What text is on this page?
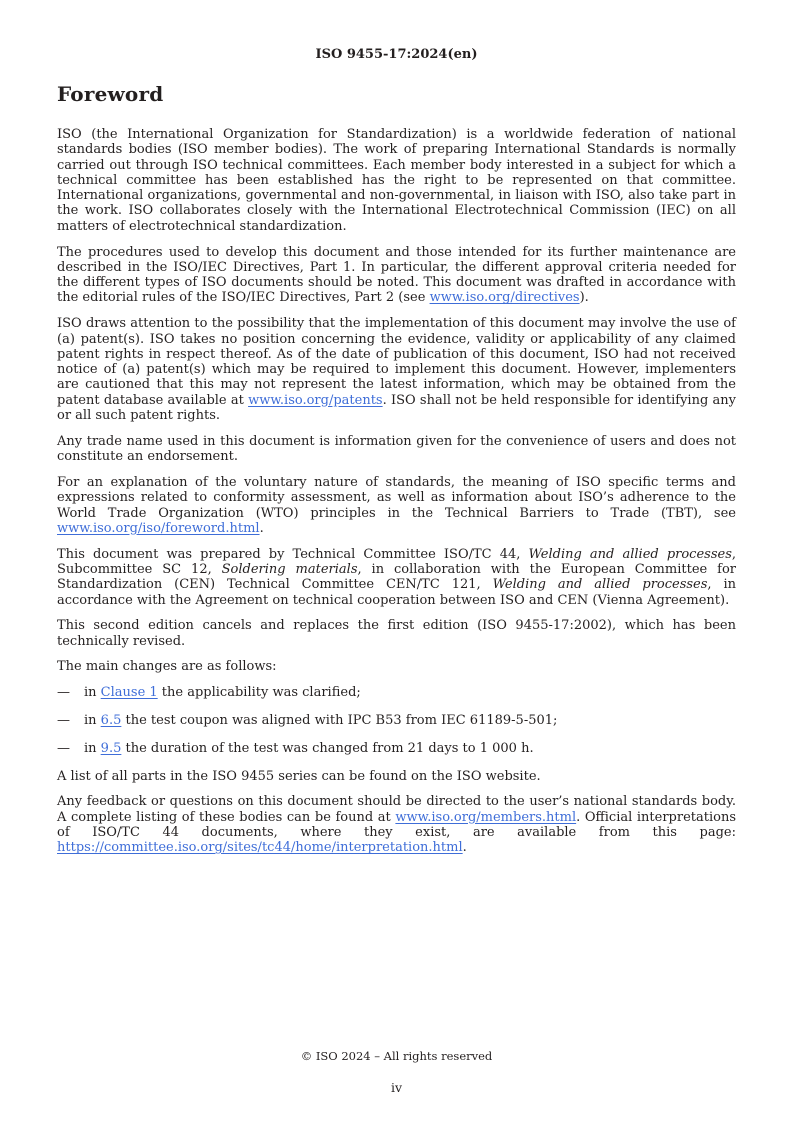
ISO 9455-17:2024(en)
Foreword

ISO (the International Organization for Standardization) is a worldwide federation of national standards bodies (ISO member bodies). The work of preparing International Standards is normally carried out through ISO technical committees. Each member body interested in a subject for which a technical committee has been established has the right to be represented on that committee. International organizations, governmental and non-governmental, in liaison with ISO, also take part in the work. ISO collaborates closely with the International Electrotechnical Commission (IEC) on all matters of electrotechnical standardization.

The procedures used to develop this document and those intended for its further maintenance are described in the ISO/IEC Directives, Part 1. In particular, the different approval criteria needed for the different types of ISO documents should be noted. This document was drafted in accordance with the editorial rules of the ISO/IEC Directives, Part 2 (see www.iso.org/directives).

ISO draws attention to the possibility that the implementation of this document may involve the use of (a) patent(s). ISO takes no position concerning the evidence, validity or applicability of any claimed patent rights in respect thereof. As of the date of publication of this document, ISO had not received notice of (a) patent(s) which may be required to implement this document. However, implementers are cautioned that this may not represent the latest information, which may be obtained from the patent database available at www.iso.org/patents. ISO shall not be held responsible for identifying any or all such patent rights.

Any trade name used in this document is information given for the convenience of users and does not constitute an endorsement.

For an explanation of the voluntary nature of standards, the meaning of ISO specific terms and expressions related to conformity assessment, as well as information about ISO’s adherence to the World Trade Organization (WTO) principles in the Technical Barriers to Trade (TBT), see www.iso.org/iso/foreword.html.

This document was prepared by Technical Committee ISO/TC 44, Welding and allied processes, Subcommittee SC 12, Soldering materials, in collaboration with the European Committee for Standardization (CEN) Technical Committee CEN/TC 121, Welding and allied processes, in accordance with the Agreement on technical cooperation between ISO and CEN (Vienna Agreement).

This second edition cancels and replaces the first edition (ISO 9455-17:2002), which has been technically revised.

The main changes are as follows:

—	in Clause 1 the applicability was clarified;
—	in 6.5 the test coupon was aligned with IPC B53 from IEC 61189-5-501;
—	in 9.5 the duration of the test was changed from 21 days to 1 000 h.

A list of all parts in the ISO 9455 series can be found on the ISO website.

Any feedback or questions on this document should be directed to the user’s national standards body. A complete listing of these bodies can be found at www.iso.org/members.html. Official interpretations of ISO/TC 44 documents, where they exist, are available from this page: https://committee.iso.org/sites/tc44/home/interpretation.html.

© ISO 2024 – All rights reserved
iv
